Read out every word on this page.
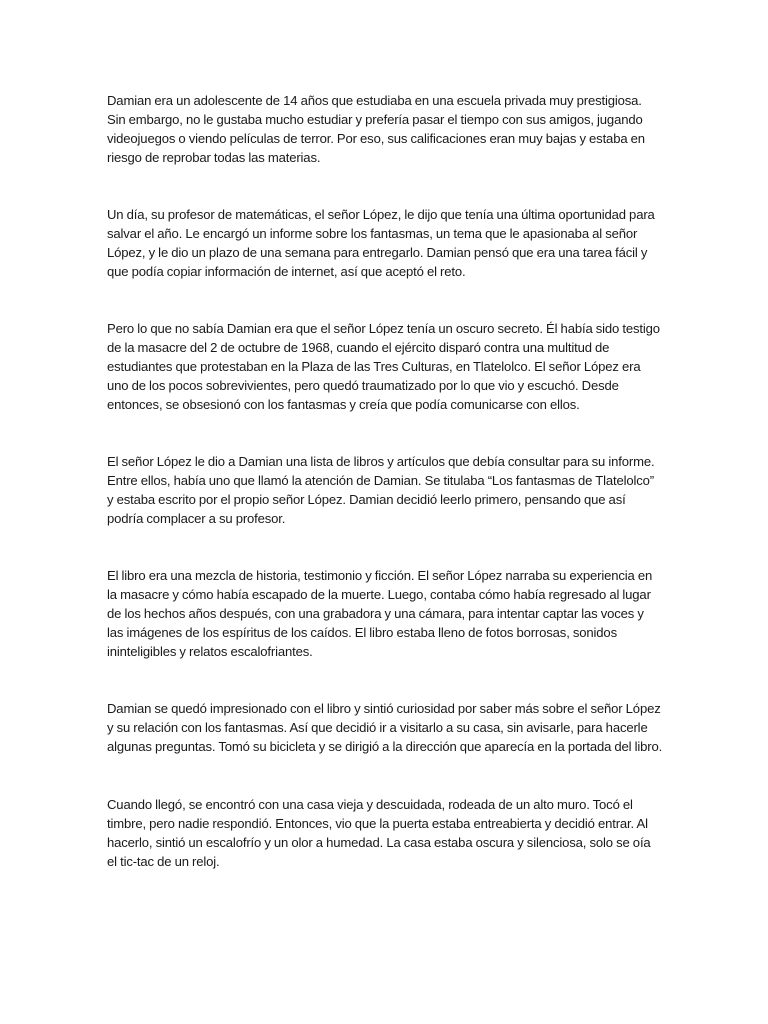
Damian era un adolescente de 14 años que estudiaba en una escuela privada muy prestigiosa. Sin embargo, no le gustaba mucho estudiar y prefería pasar el tiempo con sus amigos, jugando videojuegos o viendo películas de terror. Por eso, sus calificaciones eran muy bajas y estaba en riesgo de reprobar todas las materias.

Un día, su profesor de matemáticas, el señor López, le dijo que tenía una última oportunidad para salvar el año. Le encargó un informe sobre los fantasmas, un tema que le apasionaba al señor López, y le dio un plazo de una semana para entregarlo. Damian pensó que era una tarea fácil y que podía copiar información de internet, así que aceptó el reto.

Pero lo que no sabía Damian era que el señor López tenía un oscuro secreto. Él había sido testigo de la masacre del 2 de octubre de 1968, cuando el ejército disparó contra una multitud de estudiantes que protestaban en la Plaza de las Tres Culturas, en Tlatelolco. El señor López era uno de los pocos sobrevivientes, pero quedó traumatizado por lo que vio y escuchó. Desde entonces, se obsesionó con los fantasmas y creía que podía comunicarse con ellos.

El señor López le dio a Damian una lista de libros y artículos que debía consultar para su informe. Entre ellos, había uno que llamó la atención de Damian. Se titulaba “Los fantasmas de Tlatelolco” y estaba escrito por el propio señor López. Damian decidió leerlo primero, pensando que así podría complacer a su profesor.

El libro era una mezcla de historia, testimonio y ficción. El señor López narraba su experiencia en la masacre y cómo había escapado de la muerte. Luego, contaba cómo había regresado al lugar de los hechos años después, con una grabadora y una cámara, para intentar captar las voces y las imágenes de los espíritus de los caídos. El libro estaba lleno de fotos borrosas, sonidos ininteligibles y relatos escalofriantes.

Damian se quedó impresionado con el libro y sintió curiosidad por saber más sobre el señor López y su relación con los fantasmas. Así que decidió ir a visitarlo a su casa, sin avisarle, para hacerle algunas preguntas. Tomó su bicicleta y se dirigió a la dirección que aparecía en la portada del libro.

Cuando llegó, se encontró con una casa vieja y descuidada, rodeada de un alto muro. Tocó el timbre, pero nadie respondió. Entonces, vio que la puerta estaba entreabierta y decidió entrar. Al hacerlo, sintió un escalofrío y un olor a humedad. La casa estaba oscura y silenciosa, solo se oía el tic-tac de un reloj.
